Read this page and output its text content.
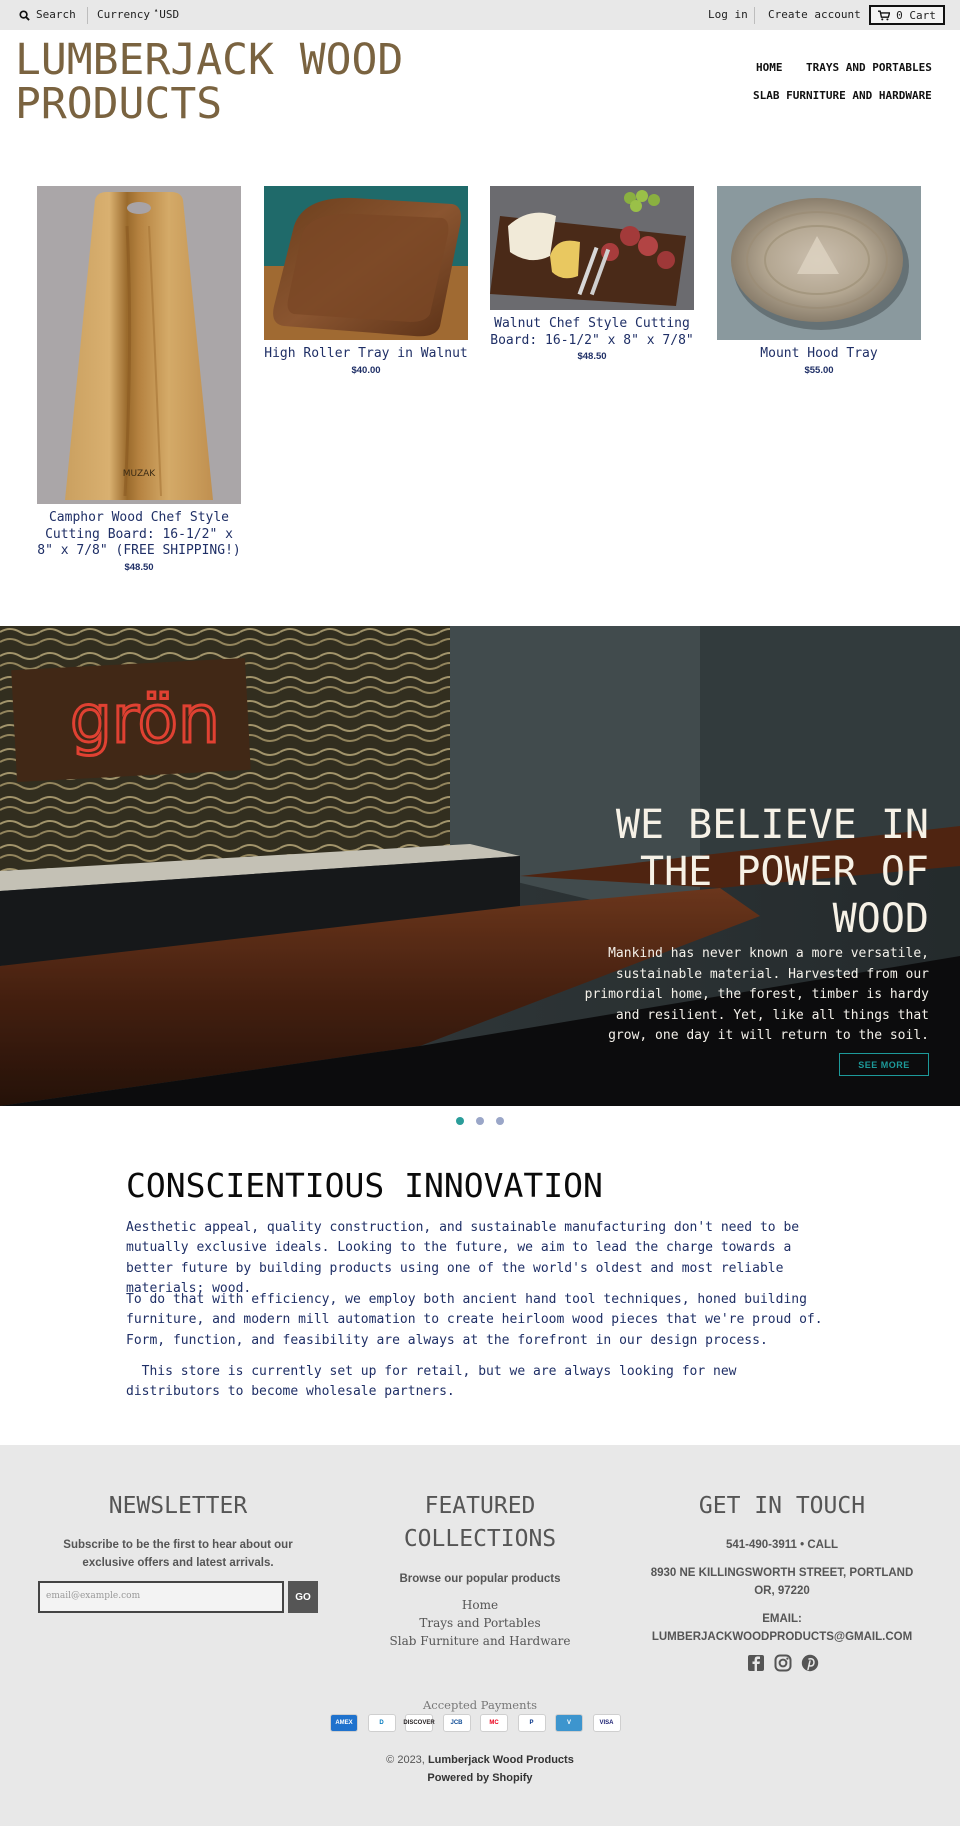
Search Currency ▴ USD	Log in Create account	0 Cart
LUMBERJACK WOOD
PRODUCTS
HOME TRAYS AND PORTABLES
SLAB FURNITURE AND HARDWARE
MUZAK
Camphor Wood Chef Style Cutting Board: 16-1/2" x 8" x 7/8" (FREE SHIPPING!)
$48.50
High Roller Tray in Walnut
$40.00
Walnut Chef Style Cutting Board: 16-1/2" x 8" x 7/8"
$48.50	Mount Hood Tray
$55.00
grön
WE BELIEVE IN THE POWER OF WOOD
Mankind has never known a more versatile, sustainable material. Harvested from our primordial home, the forest, timber is hardy and resilient. Yet, like all things that grow, one day it will return to the soil.
SEE MORE
CONSCIENTIOUS INNOVATION
Aesthetic appeal, quality construction, and sustainable manufacturing don't need to be mutually exclusive ideals. Looking to the future, we aim to lead the charge towards a better future by building products using one of the world's oldest and most reliable materials; wood.
To do that with efficiency, we employ both ancient hand tool techniques, honed building furniture, and modern mill automation to create heirloom wood pieces that we're proud of. Form, function, and feasibility are always at the forefront in our design process.
This store is currently set up for retail, but we are always looking for new distributors to become wholesale partners.
NEWSLETTER
Subscribe to be the first to hear about our exclusive offers and latest arrivals.
email@example.com	GO
FEATURED
COLLECTIONS
Browse our popular products
Home
Trays and Portables
Slab Furniture and Hardware
GET IN TOUCH
541-490-3911 • CALL
8930 NE KILLINGSWORTH STREET, PORTLAND OR, 97220
EMAIL:
LUMBERJACKWOODPRODUCTS@GMAIL.COM
Accepted Payments
AMEX	D	DISCOVER	JCB	MC	P	V	VISA
© 2023, Lumberjack Wood Products
Powered by Shopify
